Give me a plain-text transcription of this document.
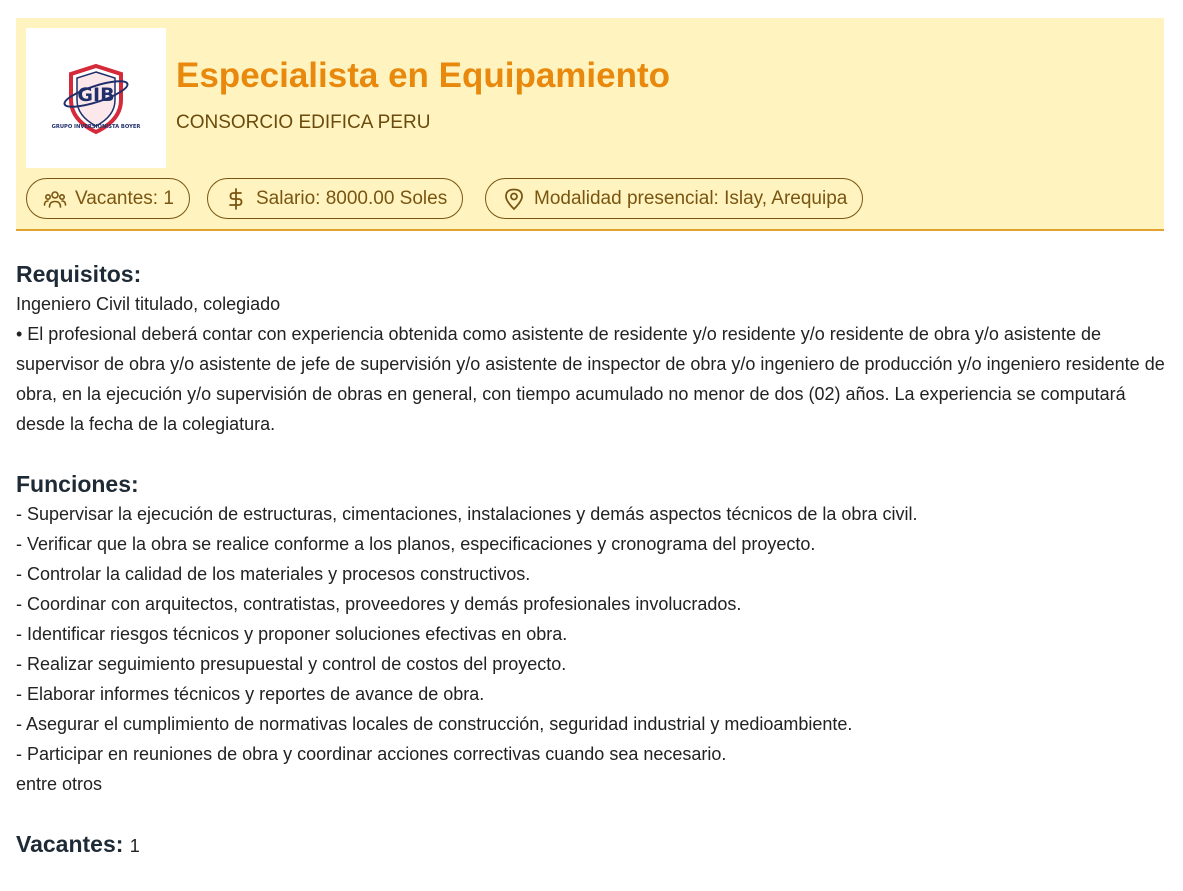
GIB
GRUPO INVERSIONISTA BOYER
Especialista en Equipamiento
CONSORCIO EDIFICA PERU
Vacantes: 1	Salario: 8000.00 Soles	Modalidad presencial: Islay, Arequipa
Requisitos:
Ingeniero Civil titulado, colegiado
• El profesional deberá contar con experiencia obtenida como asistente de residente y/o residente y/o residente de obra y/o asistente de supervisor de obra y/o asistente de jefe de supervisión y/o asistente de inspector de obra y/o ingeniero de producción y/o ingeniero residente de obra, en la ejecución y/o supervisión de obras en general, con tiempo acumulado no menor de dos (02) años. La experiencia se computará desde la fecha de la colegiatura.
Funciones:
- Supervisar la ejecución de estructuras, cimentaciones, instalaciones y demás aspectos técnicos de la obra civil.
- Verificar que la obra se realice conforme a los planos, especificaciones y cronograma del proyecto.
- Controlar la calidad de los materiales y procesos constructivos.
- Coordinar con arquitectos, contratistas, proveedores y demás profesionales involucrados.
- Identificar riesgos técnicos y proponer soluciones efectivas en obra.
- Realizar seguimiento presupuestal y control de costos del proyecto.
- Elaborar informes técnicos y reportes de avance de obra.
- Asegurar el cumplimiento de normativas locales de construcción, seguridad industrial y medioambiente.
- Participar en reuniones de obra y coordinar acciones correctivas cuando sea necesario.
entre otros
Vacantes: 1
